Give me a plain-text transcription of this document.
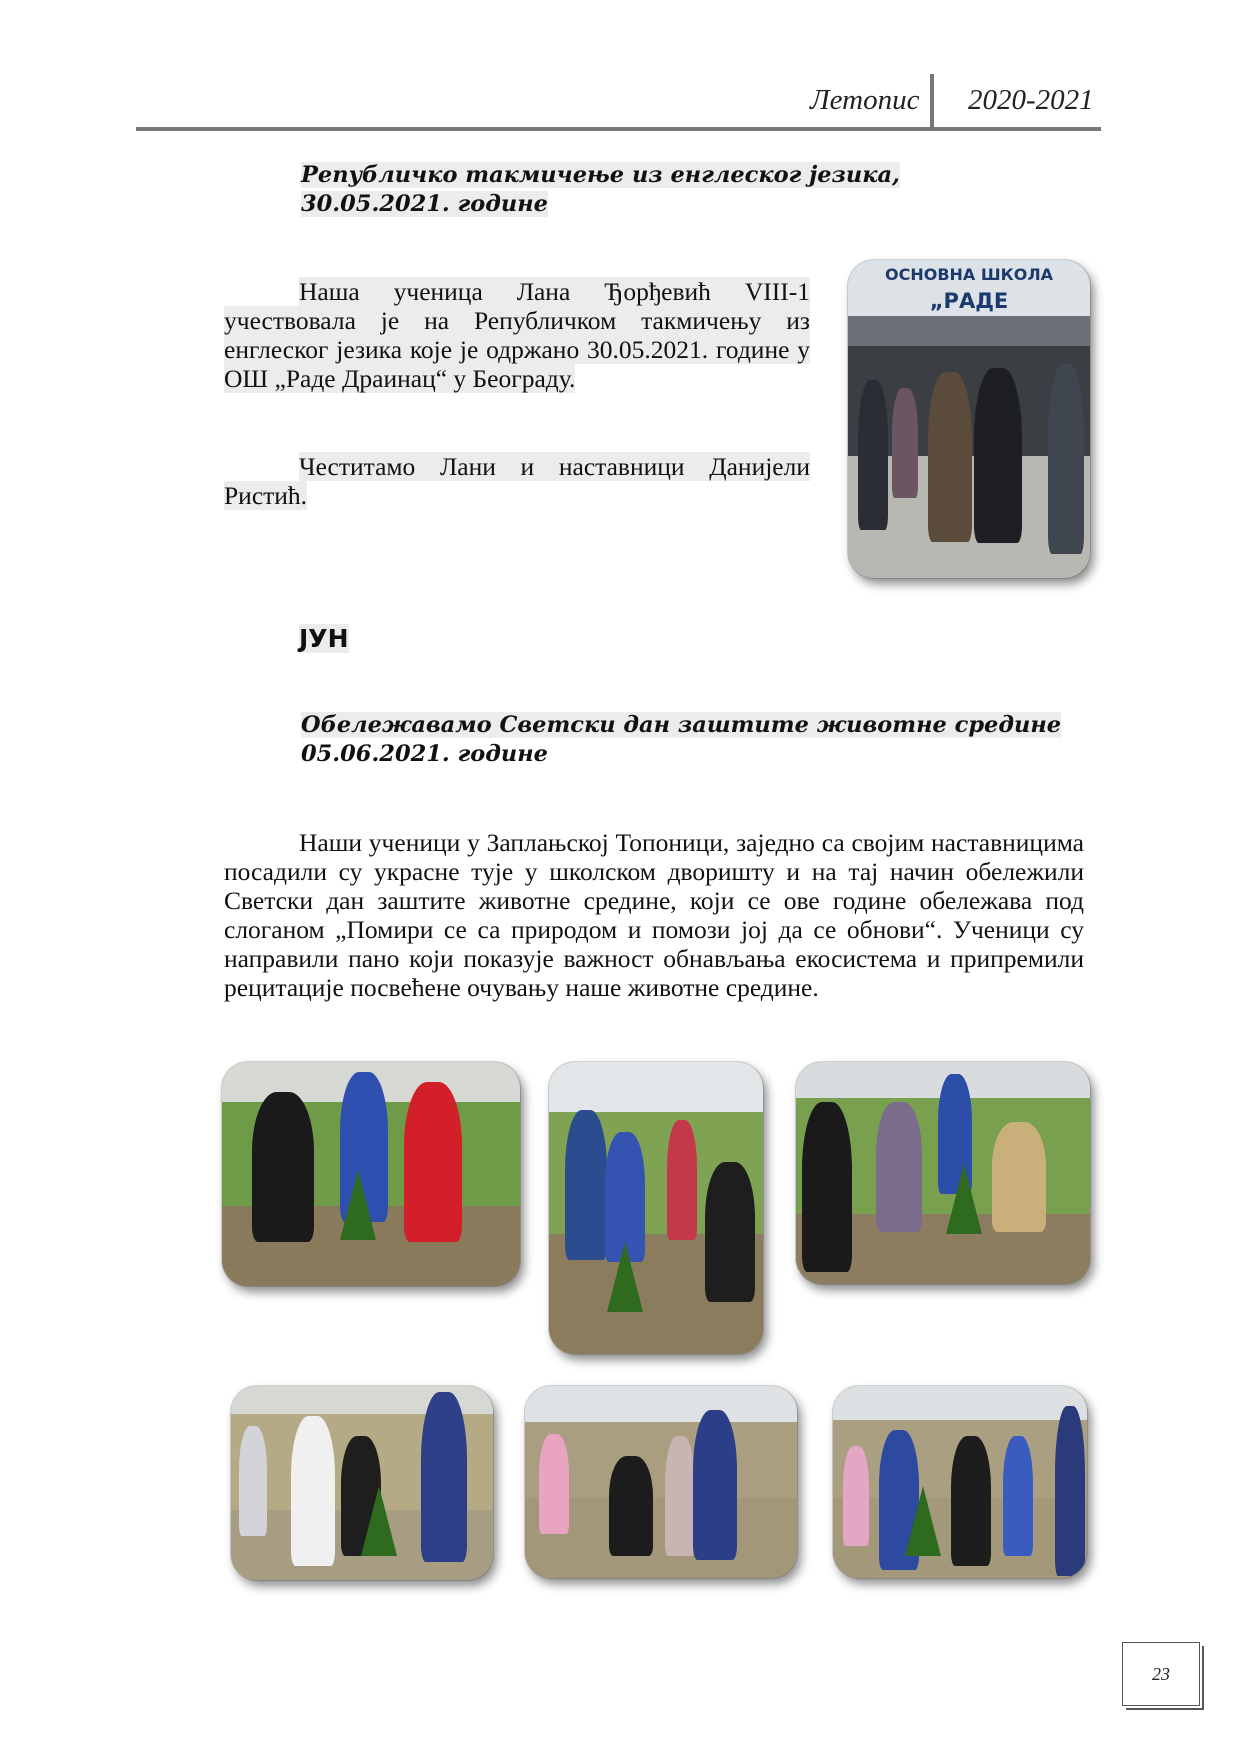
Летопис 2020-2021
Републичко такмичење из енглеског језика,
30.05.2021. године
Наша ученица Лана Ђорђевић VIII-1 учествовала је на Републичком такмичењу из енглеског језика које је одржано 30.05.2021. године у ОШ „Раде Драинац“ у Београду.
Честитамо Лани и наставници Данијели Ристић.
ОСНОВНА ШКОЛА
„РАДЕ
ЈУН
Обележавамо Светски дан заштите животне средине
05.06.2021. године
Наши ученици у Заплањској Топоници, заједно са својим наставницима посадили су украсне тује у школском дворишту и на тај начин обележили Светски дан заштите животне средине, који се ове године обележава под слоганом „Помири се са природом и помози јој да се обнови“. Ученици су направили пано који показује важност обнављања екосистема и припремили рецитације посвећене очувању наше животне средине.
23
